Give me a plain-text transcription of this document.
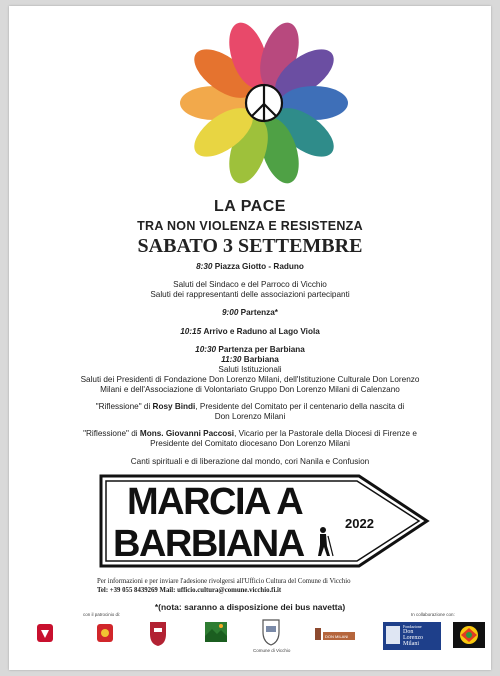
LA PACE
TRA NON VIOLENZA E RESISTENZA
SABATO 3 SETTEMBRE
8:30 Piazza Giotto - Raduno
Saluti del Sindaco e del Parroco di Vicchio
Saluti dei rappresentanti delle associazioni partecipanti
9:00 Partenza*
10:15 Arrivo e Raduno al Lago Viola
10:30 Partenza per Barbiana
11:30 Barbiana
Saluti Istituzionali
Saluti dei Presidenti di Fondazione Don Lorenzo Milani, dell'Istituzione Culturale Don Lorenzo
Milani e dell'Associazione di Volontariato Gruppo Don Lorenzo Milani di Calenzano
"Riflessione" di Rosy Bindi, Presidente del Comitato per il centenario della nascita di
Don Lorenzo Milani
"Riflessione" di Mons. Giovanni Paccosi, Vicario per la Pastorale della Diocesi di Firenze e
Presidente del Comitato diocesano Don Lorenzo Milani
Canti spirituali e di liberazione dal mondo, cori Nanila e Confusion
MARCIA A
BARBIANA	2022
Per informazioni e per inviare l'adesione rivolgersi all'Ufficio Cultura del Comune di Vicchio
Tel: +39 055 8439269 Mail: ufficio.cultura@comune.vicchio.fi.it
*(nota: saranno a disposizione dei bus navetta)
con il patrocinio di:	In collaborazione con:
Comune di Vicchio
DON MILANI
Fondazione
Don
Lorenzo
Milani
